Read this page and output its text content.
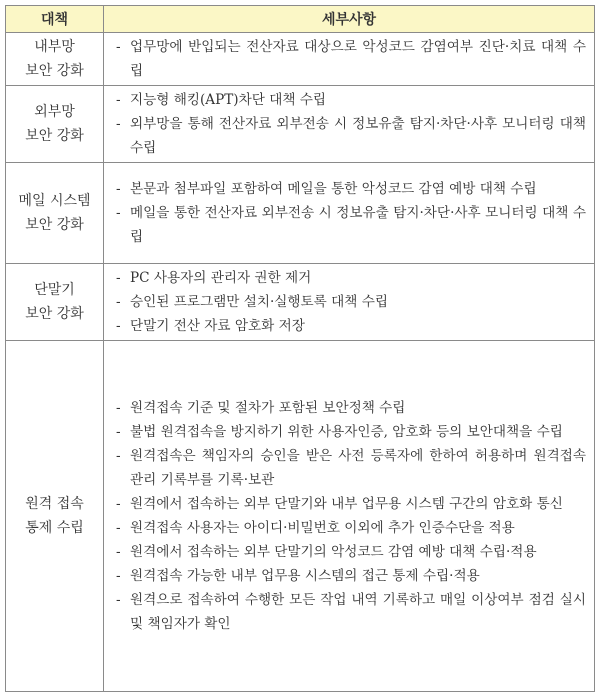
대책	세부사항

내부망
보안 강화	- 업무망에 반입되는 전산자료 대상으로 악성코드 감염여부 진단·치료 대책 수립

외부망
보안 강화

- 지능형 해킹(APT)차단 대책 수립
- 외부망을 통해 전산자료 외부전송 시 정보유출 탐지·차단·사후 모니터링 대책 수립

메일 시스템
보안 강화

- 본문과 첨부파일 포함하여 메일을 통한 악성코드 감염 예방 대책 수립
- 메일을 통한 전산자료 외부전송 시 정보유출 탐지·차단·사후 모니터링 대책 수립

단말기
보안 강화

- PC 사용자의 관리자 권한 제거
- 승인된 프로그램만 설치·실행토록 대책 수립
- 단말기 전산 자료 암호화 저장

원격 접속
통제 수립

- 원격접속 기준 및 절차가 포함된 보안정책 수립
- 불법 원격접속을 방지하기 위한 사용자인증, 암호화 등의 보안대책을 수립
- 원격접속은 책임자의 승인을 받은 사전 등록자에 한하여 허용하며 원격접속 관리 기록부를 기록·보관
- 원격에서 접속하는 외부 단말기와 내부 업무용 시스템 구간의 암호화 통신
- 원격접속 사용자는 아이디·비밀번호 이외에 추가 인증수단을 적용
- 원격에서 접속하는 외부 단말기의 악성코드 감염 예방 대책 수립·적용
- 원격접속 가능한 내부 업무용 시스템의 접근 통제 수립·적용
- 원격으로 접속하여 수행한 모든 작업 내역 기록하고 매일 이상여부 점검 실시 및 책임자가 확인
